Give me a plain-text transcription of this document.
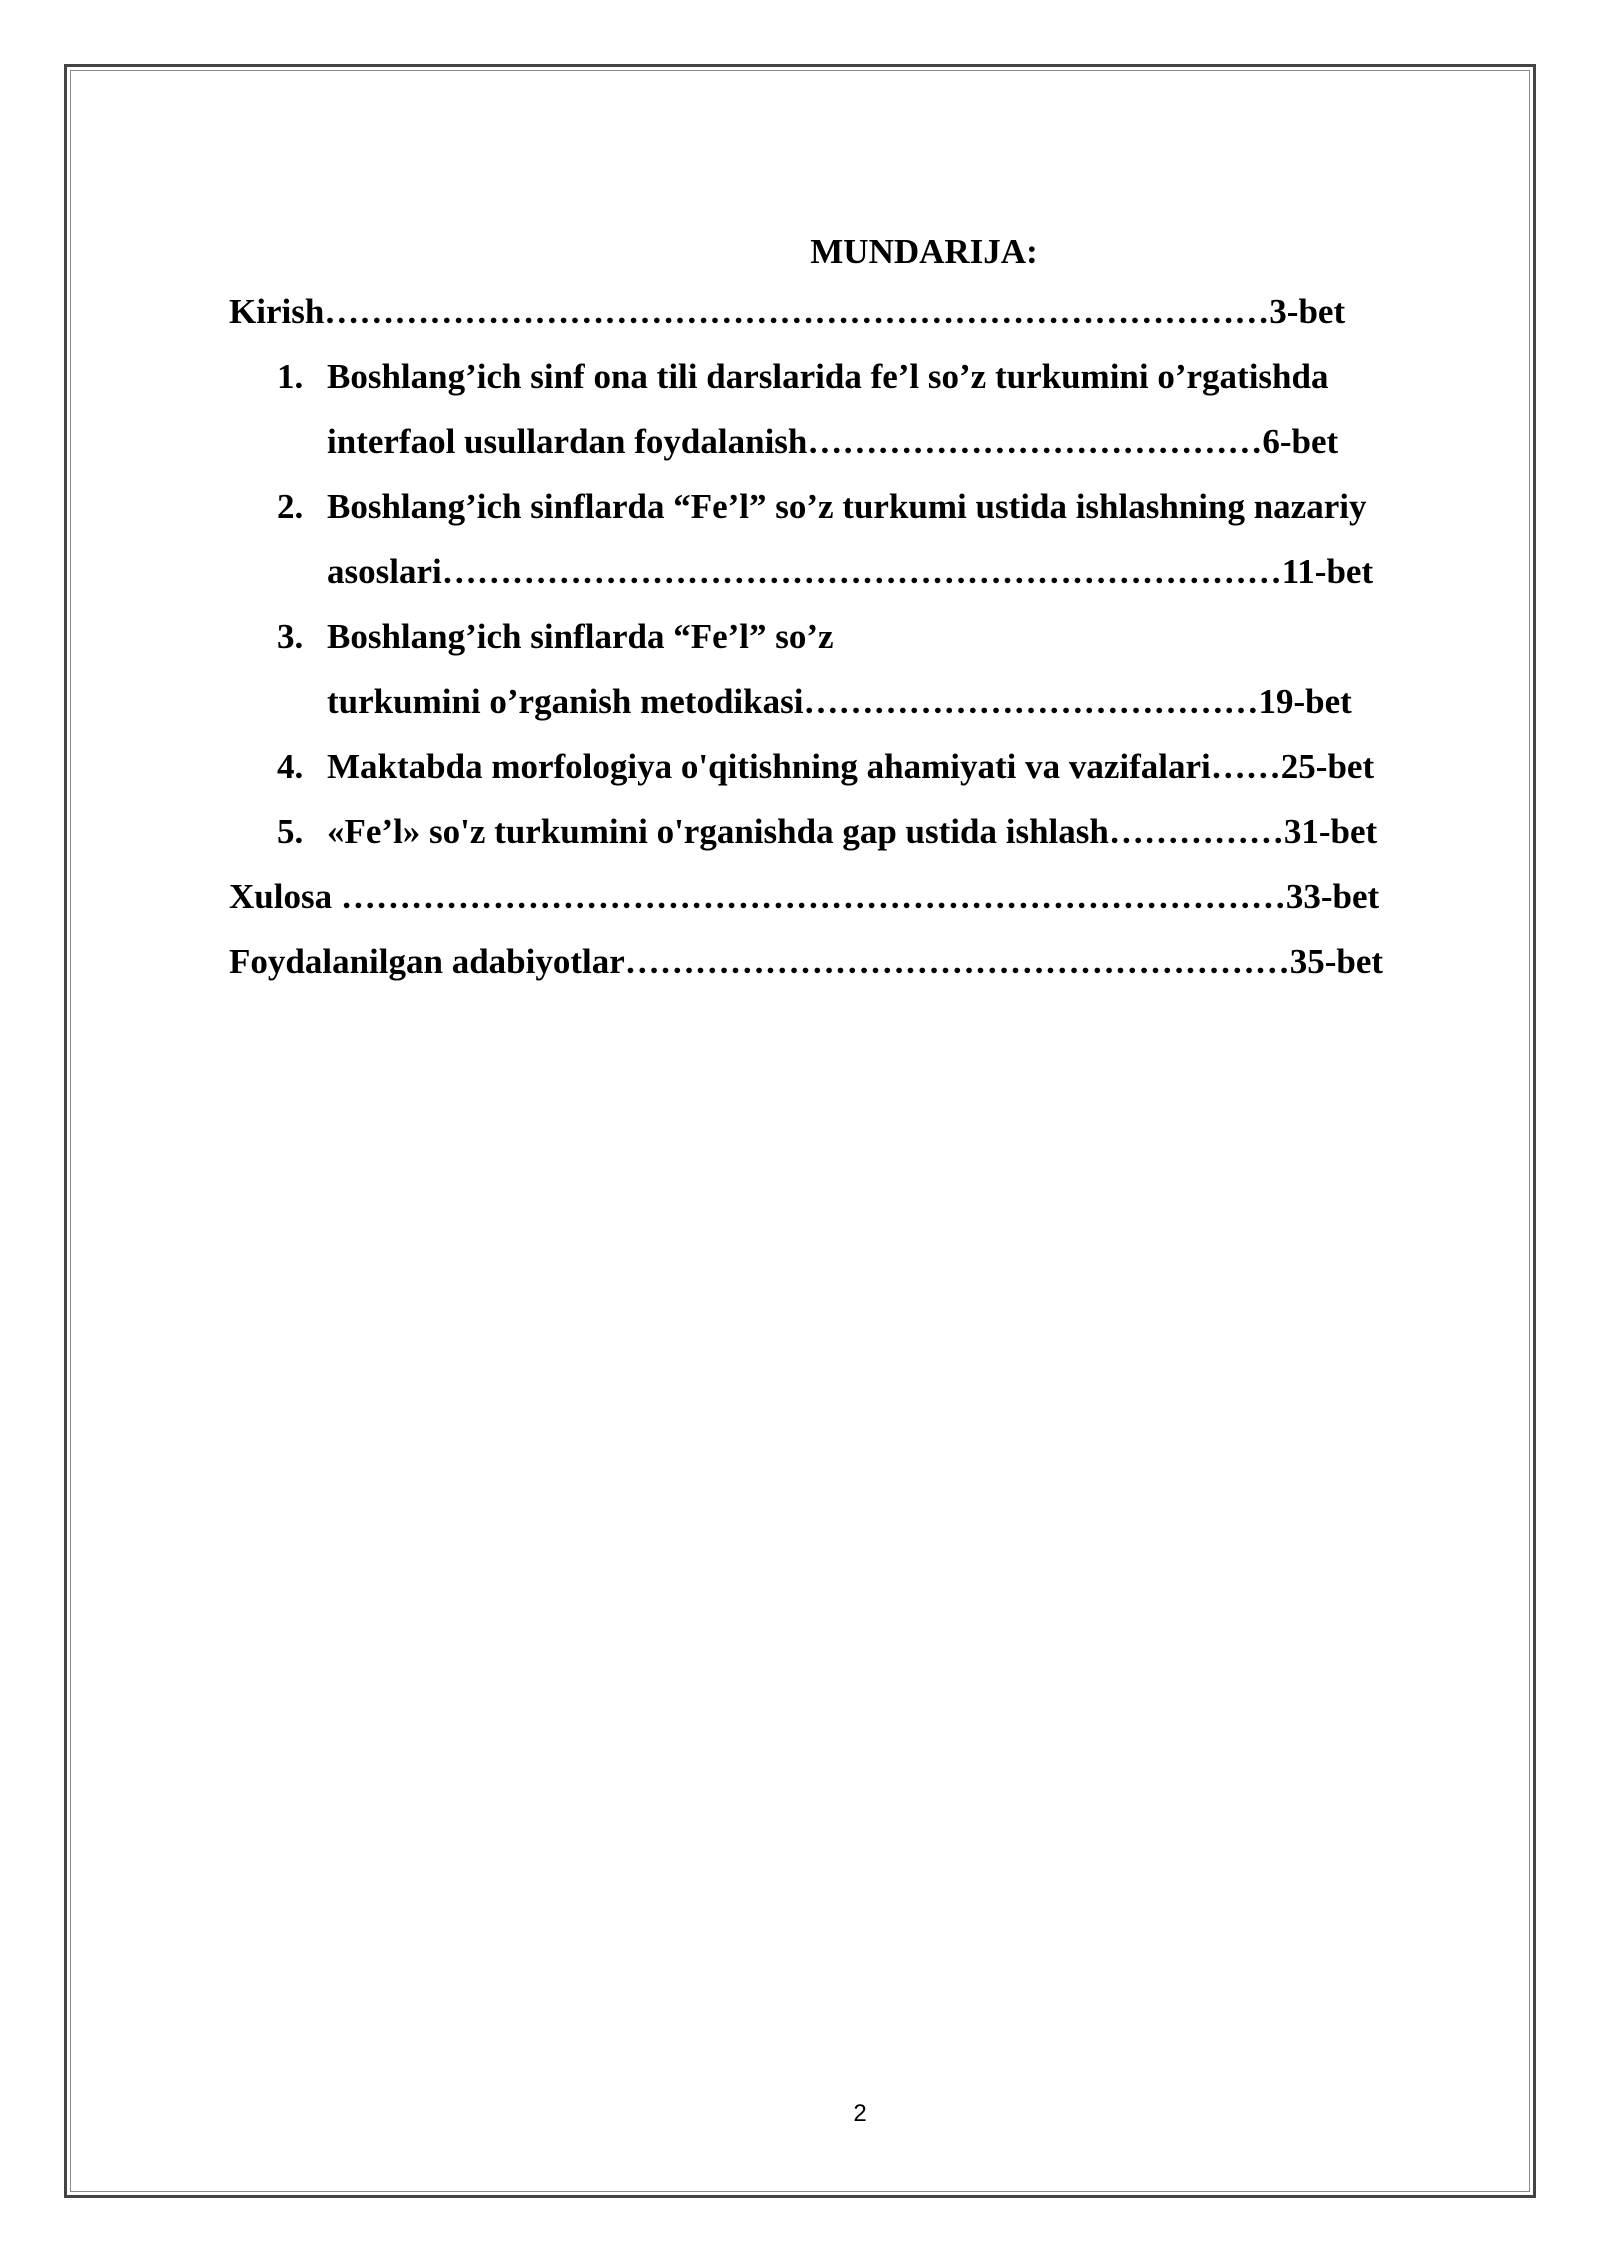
MUNDARIJA:
Kirish………………………………………………………………………3-bet
1. Boshlang’ich sinf ona tili darslarida fe’l so’z turkumini o’rgatishda
interfaol usullardan foydalanish…………………………………6-bet
2. Boshlang’ich sinflarda “Fe’l” so’z turkumi ustida ishlashning nazariy
asoslari………………………………………………………………11-bet
3. Boshlang’ich sinflarda “Fe’l” so’z
turkumini o’rganish metodikasi…………………………………19-bet
4. Maktabda morfologiya o'qitishning ahamiyati va vazifalari……25-bet
5. «Fe’l» so'z turkumini o'rganishda gap ustida ishlash……………31-bet
Xulosa ………………………………………………………………………33-bet
Foydalanilgan adabiyotlar…………………………………………………35-bet
2
